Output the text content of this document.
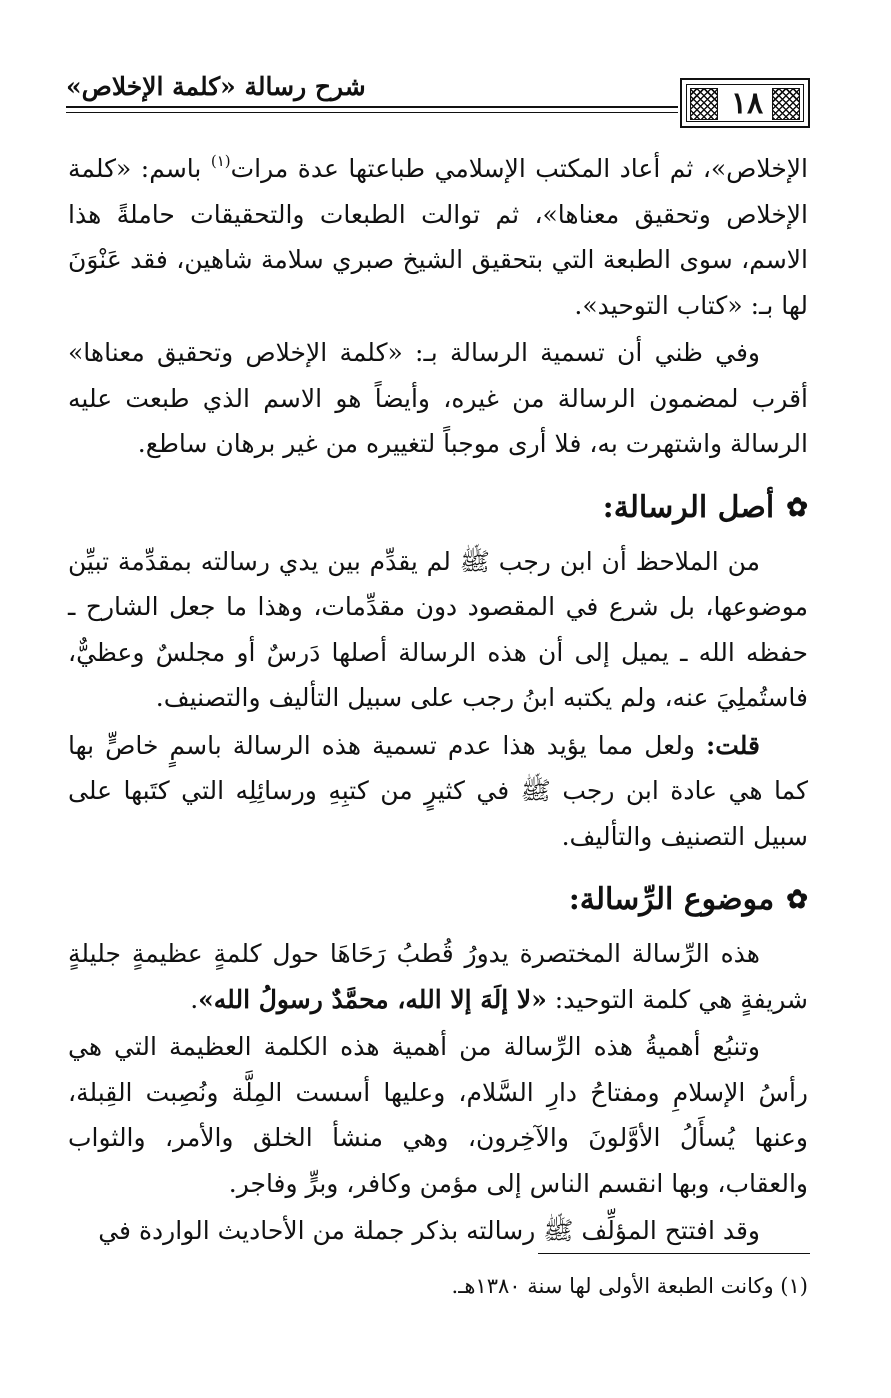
شرح رسالة «كلمة الإخلاص»	١٨

الإخلاص»، ثم أعاد المكتب الإسلامي طباعتها عدة مرات$^{(١)}$ باسم: «كلمة الإخلاص وتحقيق معناها»، ثم توالت الطبعات والتحقيقات حاملةً هذا الاسم، سوى الطبعة التي بتحقيق الشيخ صبري سلامة شاهين، فقد عَنْوَنَ لها بـ: «كتاب التوحيد».

وفي ظني أن تسمية الرسالة بـ: «كلمة الإخلاص وتحقيق معناها» أقرب لمضمون الرسالة من غيره، وأيضاً هو الاسم الذي طبعت عليه الرسالة واشتهرت به، فلا أرى موجباً لتغييره من غير برهان ساطع.

✿أصل الرسالة:

من الملاحظ أن ابن رجب ﷺ لم يقدِّم بين يدي رسالته بمقدِّمة تبيِّن موضوعها، بل شرع في المقصود دون مقدِّمات، وهذا ما جعل الشارح ـ حفظه الله ـ يميل إلى أن هذه الرسالة أصلها دَرسٌ أو مجلسٌ وعظيٌّ، فاستُملِيَ عنه، ولم يكتبه ابنُ رجب على سبيل التأليف والتصنيف.

قلت: ولعل مما يؤيد هذا عدم تسمية هذه الرسالة باسمٍ خاصٍّ بها كما هي عادة ابن رجب ﷺ في كثيرٍ من كتبِهِ ورسائِلِه التي كتَبها على سبيل التصنيف والتأليف.

✿موضوع الرِّسالة:

هذه الرِّسالة المختصرة يدورُ قُطبُ رَحَاهَا حول كلمةٍ عظيمةٍ جليلةٍ شريفةٍ هي كلمة التوحيد: «لا إلَهَ إلا الله، محمَّدٌ رسولُ الله».

وتنبُع أهميةُ هذه الرِّسالة من أهمية هذه الكلمة العظيمة التي هي رأسُ الإسلامِ ومفتاحُ دارِ السَّلام، وعليها أسست المِلَّة ونُصِبت القِبلة، وعنها يُسأَلُ الأوَّلونَ والآخِرون، وهي منشأ الخلق والأمر، والثواب والعقاب، وبها انقسم الناس إلى مؤمن وكافر، وبرٍّ وفاجر.

وقد افتتح المؤلِّف ﷺ رسالته بذكر جملة من الأحاديث الواردة في

(١) وكانت الطبعة الأولى لها سنة ١٣٨٠هـ.
